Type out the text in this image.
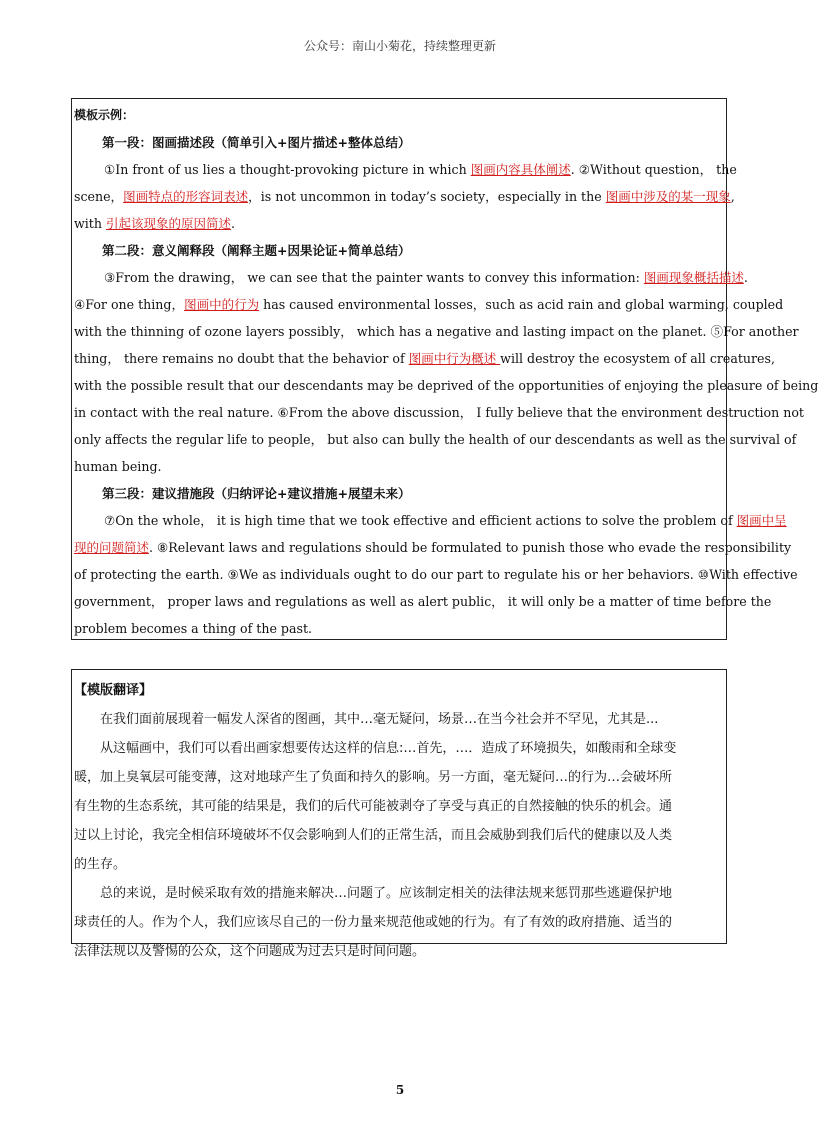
公众号：南山小菊花，持续整理更新
模板示例：
第一段：图画描述段（简单引入+图片描述+整体总结）
①In front of us lies a thought-provoking picture in which 图画内容具体阐述. ②Without question， the
scene，图画特点的形容词表述，is not uncommon in today’s society，especially in the 图画中涉及的某一现象,
with 引起该现象的原因简述.
第二段：意义阐释段（阐释主题+因果论证+简单总结）
③From the drawing， we can see that the painter wants to convey this information: 图画现象概括描述.
④For one thing，图画中的行为 has caused environmental losses，such as acid rain and global warming, coupled
with the thinning of ozone layers possibly， which has a negative and lasting impact on the planet. ⑤For another
thing， there remains no doubt that the behavior of 图画中行为概述 will destroy the ecosystem of all creatures,
with the possible result that our descendants may be deprived of the opportunities of enjoying the pleasure of being
in contact with the real nature. ⑥From the above discussion， I fully believe that the environment destruction not
only affects the regular life to people， but also can bully the health of our descendants as well as the survival of
human being.
第三段：建议措施段（归纳评论+建议措施+展望未来）
⑦On the whole， it is high time that we took effective and efficient actions to solve the problem of 图画中呈
现的问题简述. ⑧Relevant laws and regulations should be formulated to punish those who evade the responsibility
of protecting the earth. ⑨We as individuals ought to do our part to regulate his or her behaviors. ⑩With effective
government， proper laws and regulations as well as alert public， it will only be a matter of time before the
problem becomes a thing of the past.
【模版翻译】
在我们面前展现着一幅发人深省的图画，其中…毫无疑问，场景…在当今社会并不罕见，尤其是...
从这幅画中，我们可以看出画家想要传达这样的信息:…首先，…．造成了环境损失，如酸雨和全球变
暖，加上臭氧层可能变薄，这对地球产生了负面和持久的影响。另一方面，毫无疑问…的行为…会破坏所
有生物的生态系统，其可能的结果是，我们的后代可能被剥夺了享受与真正的自然接触的快乐的机会。通
过以上讨论，我完全相信环境破坏不仅会影响到人们的正常生活，而且会威胁到我们后代的健康以及人类
的生存。
总的来说，是时候采取有效的措施来解决…问题了。应该制定相关的法律法规来惩罚那些逃避保护地
球责任的人。作为个人，我们应该尽自己的一份力量来规范他或她的行为。有了有效的政府措施、适当的
法律法规以及警惕的公众，这个问题成为过去只是时间问题。
5
